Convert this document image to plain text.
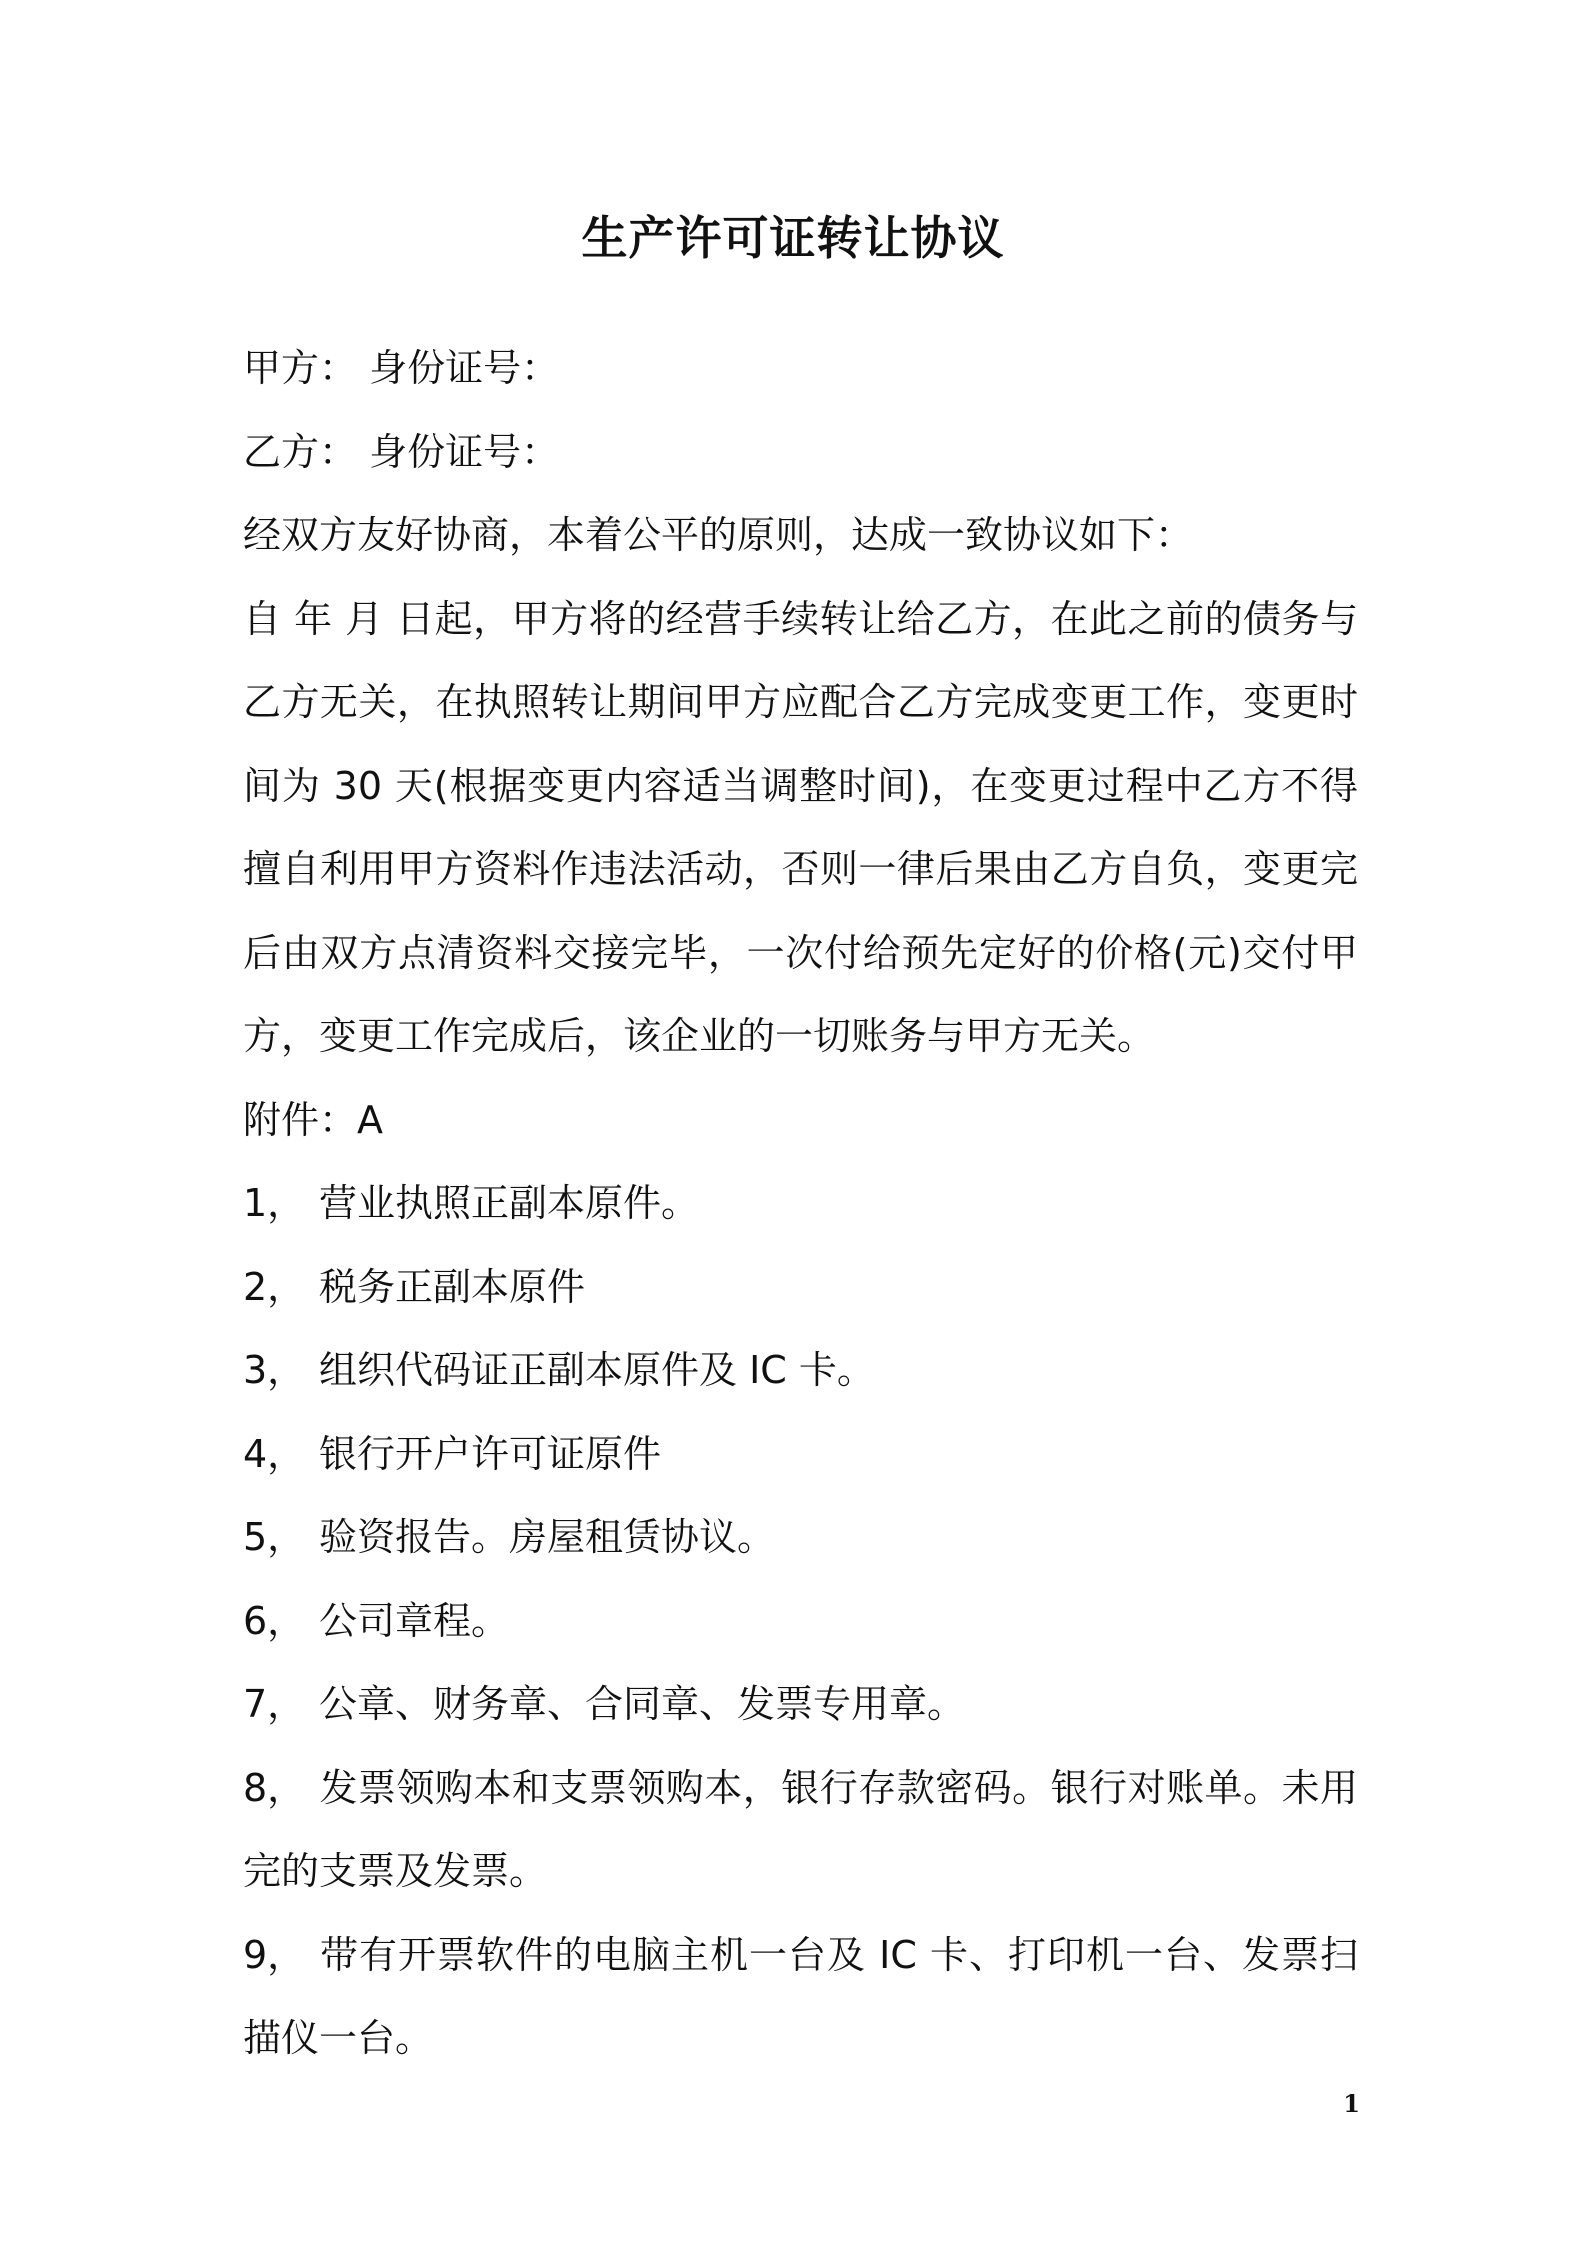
生产许可证转让协议

甲方： 身份证号：

乙方： 身份证号：

经双方友好协商，本着公平的原则，达成一致协议如下：

自 年 月 日起，甲方将的经营手续转让给乙方，在此之前的债务与乙方无关，在执照转让期间甲方应配合乙方完成变更工作，变更时间为 30 天(根据变更内容适当调整时间)，在变更过程中乙方不得擅自利用甲方资料作违法活动，否则一律后果由乙方自负，变更完后由双方点清资料交接完毕，一次付给预先定好的价格(元)交付甲方，变更工作完成后，该企业的一切账务与甲方无关。

附件：A

1， 营业执照正副本原件。

2， 税务正副本原件

3， 组织代码证正副本原件及 IC 卡。

4， 银行开户许可证原件

5， 验资报告。房屋租赁协议。

6， 公司章程。

7， 公章、财务章、合同章、发票专用章。

8， 发票领购本和支票领购本，银行存款密码。银行对账单。未用完的支票及发票。

9， 带有开票软件的电脑主机一台及 IC 卡、打印机一台、发票扫描仪一台。

1
